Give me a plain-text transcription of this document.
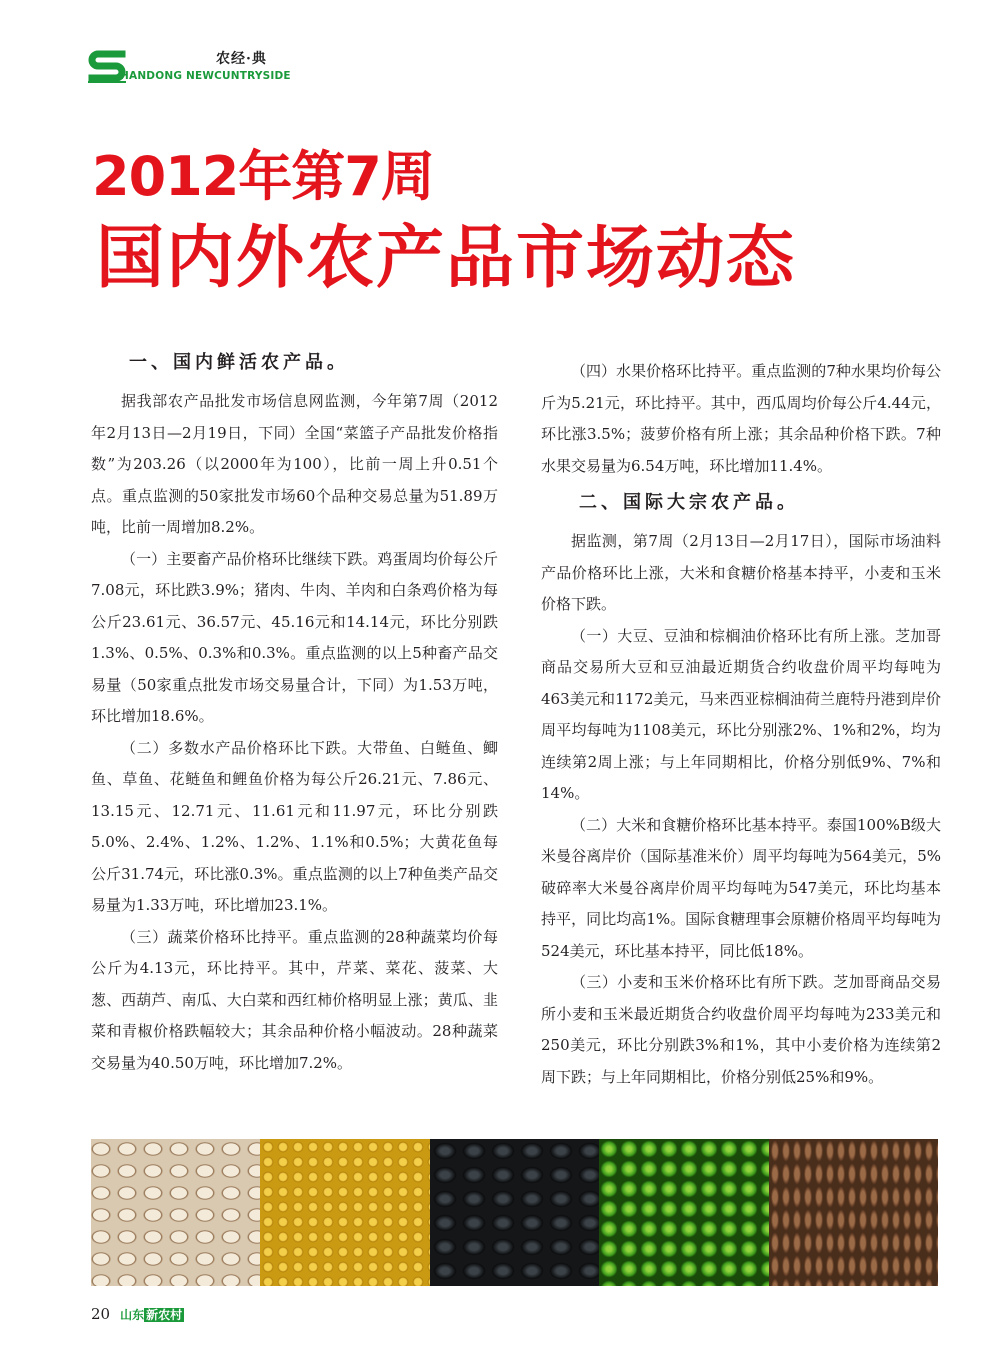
农经·典
HANDONG NEWCUNTRYSIDE
2012年第7周
国内外农产品市场动态
一、国内鲜活农产品。

据我部农产品批发市场信息网监测，今年第7周（2012年2月13日—2月19日，下同）全国“菜篮子产品批发价格指数”为203.26（以2000年为100），比前一周上升0.51个点。重点监测的50家批发市场60个品种交易总量为51.89万吨，比前一周增加8.2%。

（一）主要畜产品价格环比继续下跌。鸡蛋周均价每公斤7.08元，环比跌3.9%；猪肉、牛肉、羊肉和白条鸡价格为每公斤23.61元、36.57元、45.16元和14.14元，环比分别跌1.3%、0.5%、0.3%和0.3%。重点监测的以上5种畜产品交易量（50家重点批发市场交易量合计，下同）为1.53万吨，环比增加18.6%。

（二）多数水产品价格环比下跌。大带鱼、白鲢鱼、鲫鱼、草鱼、花鲢鱼和鲤鱼价格为每公斤26.21元、7.86元、13.15元、12.71元、11.61元和11.97元，环比分别跌5.0%、2.4%、1.2%、1.2%、1.1%和0.5%；大黄花鱼每公斤31.74元，环比涨0.3%。重点监测的以上7种鱼类产品交易量为1.33万吨，环比增加23.1%。

（三）蔬菜价格环比持平。重点监测的28种蔬菜均价每公斤为4.13元，环比持平。其中，芹菜、菜花、菠菜、大葱、西葫芦、南瓜、大白菜和西红柿价格明显上涨；黄瓜、韭菜和青椒价格跌幅较大；其余品种价格小幅波动。28种蔬菜交易量为40.50万吨，环比增加7.2%。

（四）水果价格环比持平。重点监测的7种水果均价每公斤为5.21元，环比持平。其中，西瓜周均价每公斤4.44元，环比涨3.5%；菠萝价格有所上涨；其余品种价格下跌。7种水果交易量为6.54万吨，环比增加11.4%。

二、国际大宗农产品。

据监测，第7周（2月13日—2月17日），国际市场油料产品价格环比上涨，大米和食糖价格基本持平，小麦和玉米价格下跌。

（一）大豆、豆油和棕榈油价格环比有所上涨。芝加哥商品交易所大豆和豆油最近期货合约收盘价周平均每吨为463美元和1172美元，马来西亚棕榈油荷兰鹿特丹港到岸价周平均每吨为1108美元，环比分别涨2%、1%和2%，均为连续第2周上涨；与上年同期相比，价格分别低9%、7%和14%。

（二）大米和食糖价格环比基本持平。泰国100%B级大米曼谷离岸价（国际基准米价）周平均每吨为564美元，5%破碎率大米曼谷离岸价周平均每吨为547美元，环比均基本持平，同比均高1%。国际食糖理事会原糖价格周平均每吨为524美元，环比基本持平，同比低18%。

（三）小麦和玉米价格环比有所下跌。芝加哥商品交易所小麦和玉米最近期货合约收盘价周平均每吨为233美元和250美元，环比分别跌3%和1%，其中小麦价格为连续第2周下跌；与上年同期相比，价格分别低25%和9%。

20 山东 新农村
